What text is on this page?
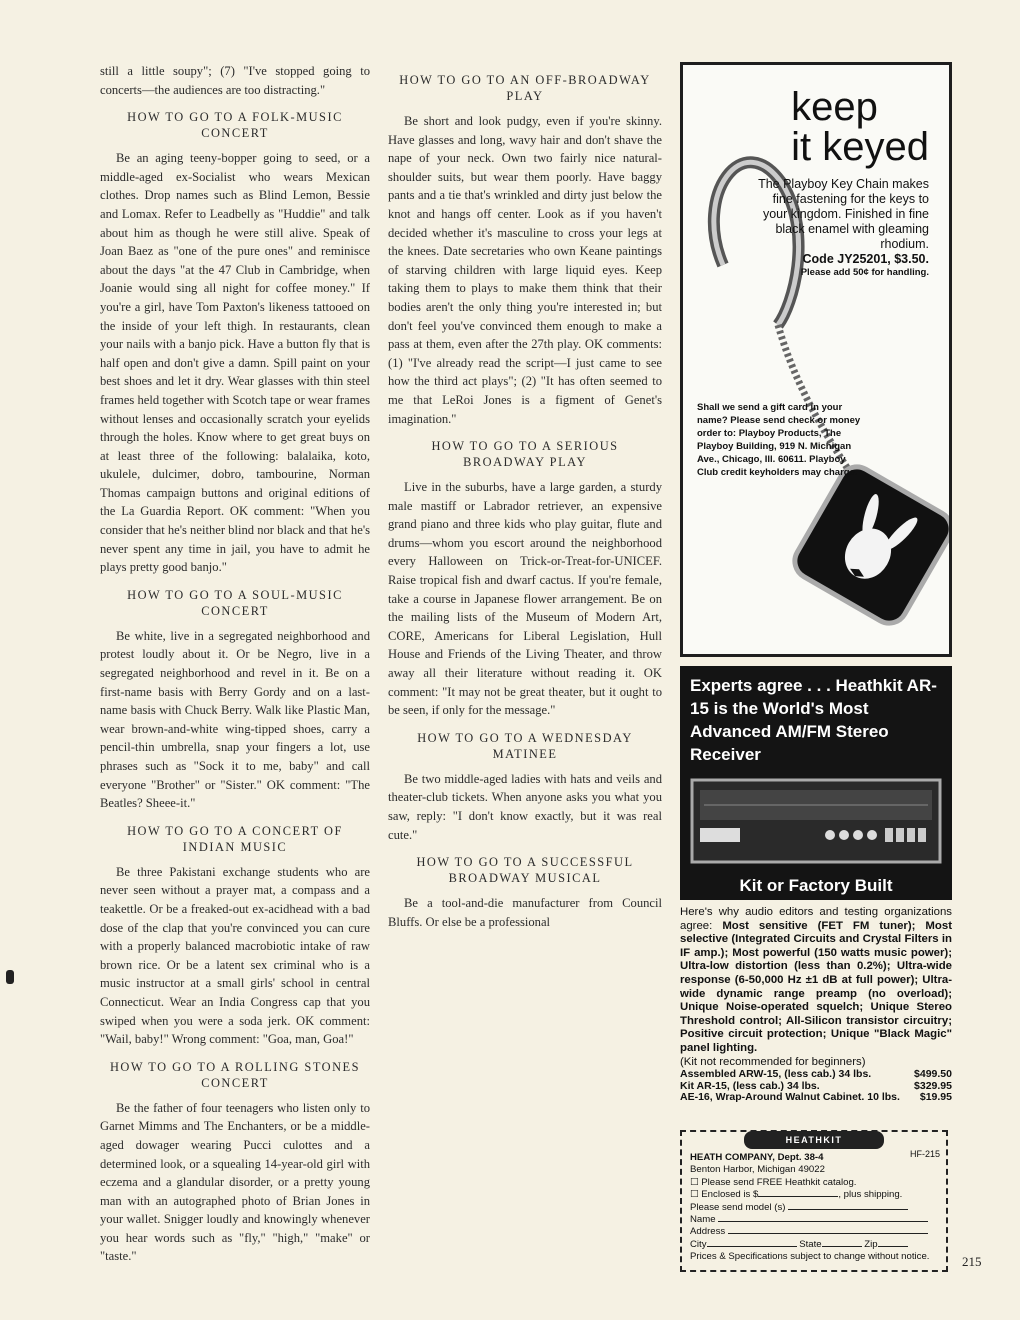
still a little soupy"; (7) "I've stopped going to concerts—the audiences are too distracting."

HOW TO GO TO A FOLK-MUSIC CONCERT

Be an aging teeny-bopper going to seed, or a middle-aged ex-Socialist who wears Mexican clothes. Drop names such as Blind Lemon, Bessie and Lomax. Refer to Leadbelly as "Huddie" and talk about him as though he were still alive. Speak of Joan Baez as "one of the pure ones" and reminisce about the days "at the 47 Club in Cambridge, when Joanie would sing all night for coffee money." If you're a girl, have Tom Paxton's likeness tattooed on the inside of your left thigh. In restaurants, clean your nails with a banjo pick. Have a button fly that is half open and don't give a damn. Spill paint on your best shoes and let it dry. Wear glasses with thin steel frames held together with Scotch tape or wear frames without lenses and occasionally scratch your eyelids through the holes. Know where to get great buys on at least three of the following: balalaika, koto, ukulele, dulcimer, dobro, tambourine, Norman Thomas campaign buttons and original editions of the La Guardia Report. OK comment: "When you consider that he's neither blind nor black and that he's never spent any time in jail, you have to admit he plays pretty good banjo."

HOW TO GO TO A SOUL-MUSIC CONCERT

Be white, live in a segregated neighborhood and protest loudly about it. Or be Negro, live in a segregated neighborhood and revel in it. Be on a first-name basis with Berry Gordy and on a last-name basis with Chuck Berry. Walk like Plastic Man, wear brown-and-white wing-tipped shoes, carry a pencil-thin umbrella, snap your fingers a lot, use phrases such as "Sock it to me, baby" and call everyone "Brother" or "Sister." OK comment: "The Beatles? Sheee-it."

HOW TO GO TO A CONCERT OF INDIAN MUSIC

Be three Pakistani exchange students who are never seen without a prayer mat, a compass and a teakettle. Or be a freaked-out ex-acidhead with a bad dose of the clap that you're convinced you can cure with a properly balanced macrobiotic intake of raw brown rice. Or be a latent sex criminal who is a music instructor at a small girls' school in central Connecticut. Wear an India Congress cap that you swiped when you were a soda jerk. OK comment: "Wail, baby!" Wrong comment: "Goa, man, Goa!"

HOW TO GO TO A ROLLING STONES CONCERT

Be the father of four teenagers who listen only to Garnet Mimms and The Enchanters, or be a middle-aged dowager wearing Pucci culottes and a determined look, or a squealing 14-year-old girl with eczema and a glandular disorder, or a pretty young man with an autographed photo of Brian Jones in your wallet. Snigger loudly and knowingly whenever you hear words such as "fly," "high," "make" or "taste."

HOW TO GO TO AN OFF-BROADWAY PLAY

Be short and look pudgy, even if you're skinny. Have glasses and long, wavy hair and don't shave the nape of your neck. Own two fairly nice natural-shoulder suits, but wear them poorly. Have baggy pants and a tie that's wrinkled and dirty just below the knot and hangs off center. Look as if you haven't decided whether it's masculine to cross your legs at the knees. Date secretaries who own Keane paintings of starving children with large liquid eyes. Keep taking them to plays to make them think that their bodies aren't the only thing you're interested in; but don't feel you've convinced them enough to make a pass at them, even after the 27th play. OK comments: (1) "I've already read the script—I just came to see how the third act plays"; (2) "It has often seemed to me that LeRoi Jones is a figment of Genet's imagination."

HOW TO GO TO A SERIOUS BROADWAY PLAY

Live in the suburbs, have a large garden, a sturdy male mastiff or Labrador retriever, an expensive grand piano and three kids who play guitar, flute and drums—whom you escort around the neighborhood every Halloween on Trick-or-Treat-for-UNICEF. Raise tropical fish and dwarf cactus. If you're female, take a course in Japanese flower arrangement. Be on the mailing lists of the Museum of Modern Art, CORE, Americans for Liberal Legislation, Hull House and Friends of the Living Theater, and throw away all their literature without reading it. OK comment: "It may not be great theater, but it ought to be seen, if only for the message."

HOW TO GO TO A WEDNESDAY MATINEE

Be two middle-aged ladies with hats and veils and theater-club tickets. When anyone asks you what you saw, reply: "I don't know exactly, but it was real cute."

HOW TO GO TO A SUCCESSFUL BROADWAY MUSICAL

Be a tool-and-die manufacturer from Council Bluffs. Or else be a professional

keep
it keyed
The Playboy Key Chain makes fine fastening for the keys to your kingdom. Finished in fine black enamel with gleaming rhodium.
Code JY25201, $3.50.
Please add 50¢ for handling.
Shall we send a gift card in your name? Please send check or money order to: Playboy Products, The Playboy Building, 919 N. Michigan Ave., Chicago, Ill. 60611. Playboy Club credit keyholders may charge.
Experts agree . . . Heathkit AR-15 is the World's Most Advanced AM/FM Stereo Receiver
Kit or Factory Built
Here's why audio editors and testing organizations agree: Most sensitive (FET FM tuner); Most selective (Integrated Circuits and Crystal Filters in IF amp.); Most powerful (150 watts music power); Ultra-low distortion (less than 0.2%); Ultra-wide response (6-50,000 Hz ±1 dB at full power); Ultra-wide dynamic range preamp (no overload); Unique Noise-operated squelch; Unique Stereo Threshold control; All-Silicon transistor circuitry; Positive circuit protection; Unique "Black Magic" panel lighting.
(Kit not recommended for beginners)
Assembled ARW-15, (less cab.) 34 lbs.	$499.50
Kit AR-15, (less cab.) 34 lbs.	$329.95
AE-16, Wrap-Around Walnut Cabinet. 10 lbs. $19.95
HEATHKIT
HF-215
HEATH COMPANY, Dept. 38-4
Benton Harbor, Michigan 49022
☐ Please send FREE Heathkit catalog.
☐ Enclosed is $	, plus shipping.
Please send model (s)
Name
Address
City	State	Zip
Prices & Specifications subject to change without notice.	215
